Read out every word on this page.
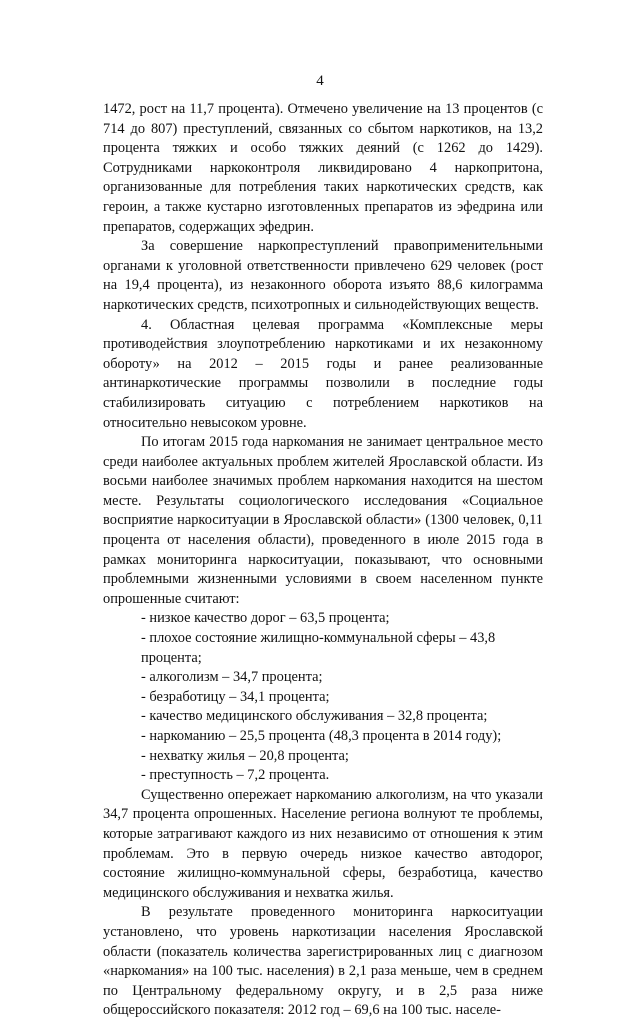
4

1472, рост на 11,7 процента). Отмечено увеличение на 13 процентов (с 714 до 807) преступлений, связанных со сбытом наркотиков, на 13,2 процента тяжких и особо тяжких деяний (с 1262 до 1429). Сотрудниками наркоконтроля ликвидировано 4 наркопритона, организованные для потребления таких наркотических средств, как героин, а также кустарно изготовленных препаратов из эфедрина или препаратов, содержащих эфедрин.

За совершение наркопреступлений правоприменительными органами к уголовной ответственности привлечено 629 человек (рост на 19,4 процента), из незаконного оборота изъято 88,6 килограмма наркотических средств, психотропных и сильнодействующих веществ.

4. Областная целевая программа «Комплексные меры противодействия злоупотреблению наркотиками и их незаконному обороту» на 2012 – 2015 годы и ранее реализованные антинаркотические программы позволили в последние годы стабилизировать ситуацию с потреблением наркотиков на относительно невысоком уровне.

По итогам 2015 года наркомания не занимает центральное место среди наиболее актуальных проблем жителей Ярославской области. Из восьми наиболее значимых проблем наркомания находится на шестом месте. Результаты социологического исследования «Социальное восприятие наркоситуации в Ярославской области» (1300 человек, 0,11 процента от населения области), проведенного в июле 2015 года в рамках мониторинга наркоситуации, показывают, что основными проблемными жизненными условиями в своем населенном пункте опрошенные считают:

- низкое качество дорог – 63,5 процента;
- плохое состояние жилищно-коммунальной сферы – 43,8 процента;
- алкоголизм – 34,7 процента;
- безработицу – 34,1 процента;
- качество медицинского обслуживания – 32,8 процента;
- наркоманию – 25,5 процента (48,3 процента в 2014 году);
- нехватку жилья – 20,8 процента;
- преступность – 7,2 процента.

Существенно опережает наркоманию алкоголизм, на что указали 34,7 процента опрошенных. Население региона волнуют те проблемы, которые затрагивают каждого из них независимо от отношения к этим проблемам. Это в первую очередь низкое качество автодорог, состояние жилищно-коммунальной сферы, безработица, качество медицинского обслуживания и нехватка жилья.

В результате проведенного мониторинга наркоситуации установлено, что уровень наркотизации населения Ярославской области (показатель количества зарегистрированных лиц с диагнозом «наркомания» на 100 тыс. населения) в 2,1 раза меньше, чем в среднем по Центральному федеральному округу, и в 2,5 раза ниже общероссийского показателя: 2012 год – 69,6 на 100 тыс. населе-
